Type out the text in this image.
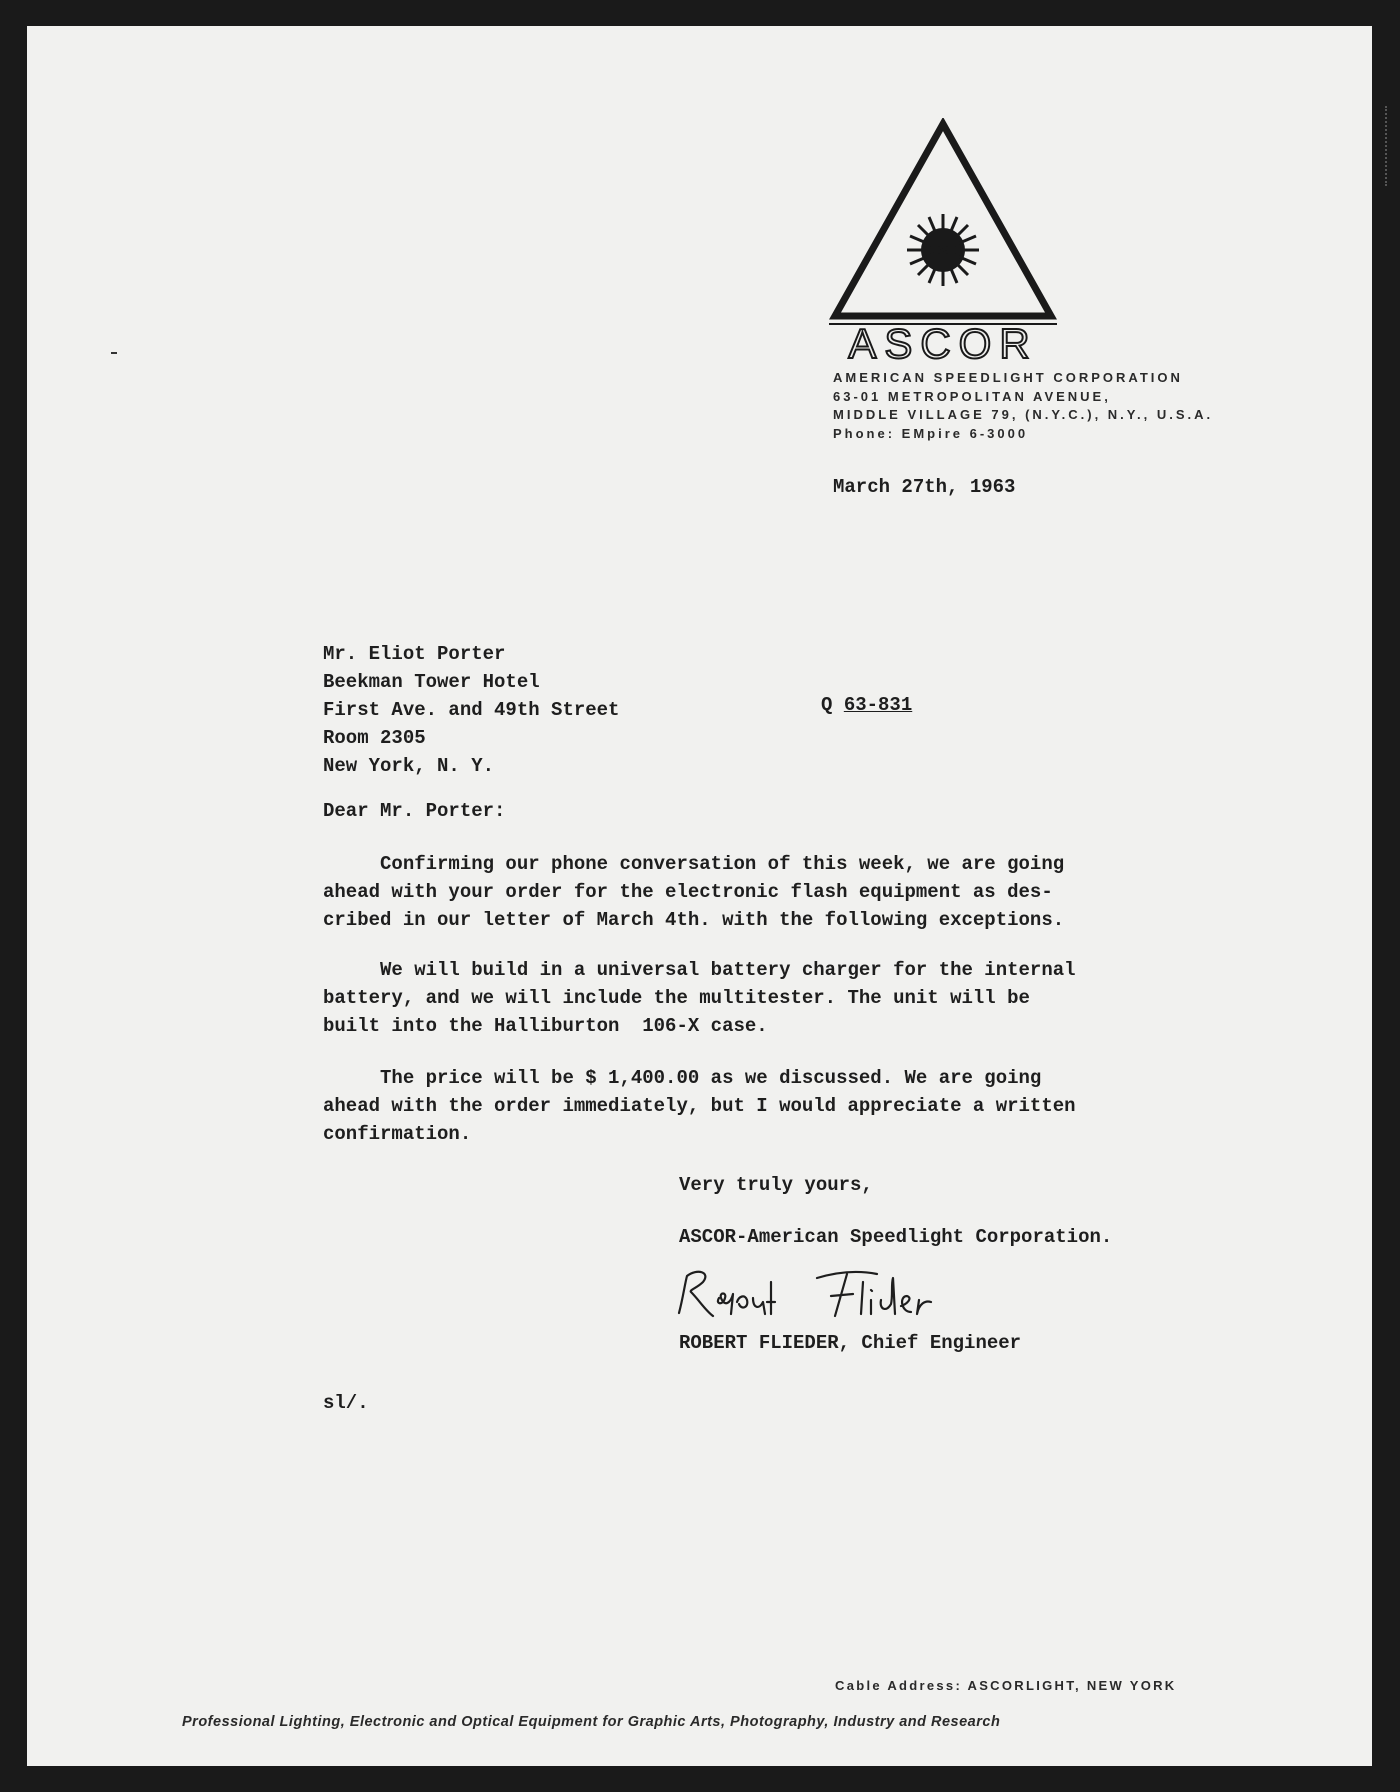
ASCOR
AMERICAN SPEEDLIGHT CORPORATION
63-01 METROPOLITAN AVENUE,
MIDDLE VILLAGE 79, (N.Y.C.), N.Y., U.S.A.
Phone: EMpire 6-3000
March 27th, 1963
Mr. Eliot Porter
Beekman Tower Hotel
First Ave. and 49th Street
Room 2305
New York, N. Y.
Q 63-831
Dear Mr. Porter:
Confirming our phone conversation of this week, we are going
ahead with your order for the electronic flash equipment as des-
cribed in our letter of March 4th. with the following exceptions.
We will build in a universal battery charger for the internal
battery, and we will include the multitester. The unit will be
built into the Halliburton  106-X case.
The price will be $ 1,400.00 as we discussed. We are going
ahead with the order immediately, but I would appreciate a written
confirmation.
Very truly yours,
ASCOR-American Speedlight Corporation.
ROBERT FLIEDER, Chief Engineer
sl/.
Cable Address: ASCORLIGHT, NEW YORK
Professional Lighting, Electronic and Optical Equipment for Graphic Arts, Photography, Industry and Research
